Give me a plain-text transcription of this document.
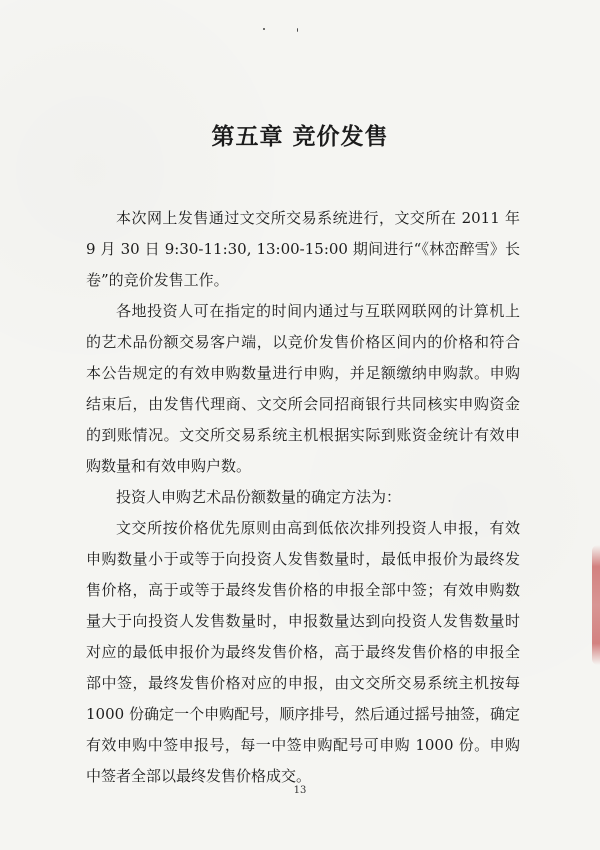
第五章 竞价发售

本次网上发售通过文交所交易系统进行，文交所在 2011 年 9 月 30 日 9:30-11:30, 13:00-15:00 期间进行“《林峦醉雪》长卷”的竞价发售工作。

各地投资人可在指定的时间内通过与互联网联网的计算机上的艺术品份额交易客户端，以竞价发售价格区间内的价格和符合本公告规定的有效申购数量进行申购，并足额缴纳申购款。申购结束后，由发售代理商、文交所会同招商银行共同核实申购资金的到账情况。文交所交易系统主机根据实际到账资金统计有效申购数量和有效申购户数。

投资人申购艺术品份额数量的确定方法为：

文交所按价格优先原则由高到低依次排列投资人申报，有效申购数量小于或等于向投资人发售数量时，最低申报价为最终发售价格，高于或等于最终发售价格的申报全部中签；有效申购数量大于向投资人发售数量时，申报数量达到向投资人发售数量时对应的最低申报价为最终发售价格，高于最终发售价格的申报全部中签，最终发售价格对应的申报，由文交所交易系统主机按每 1000 份确定一个申购配号，顺序排号，然后通过摇号抽签，确定有效申购中签申报号，每一中签申购配号可申购 1000 份。申购中签者全部以最终发售价格成交。

13
